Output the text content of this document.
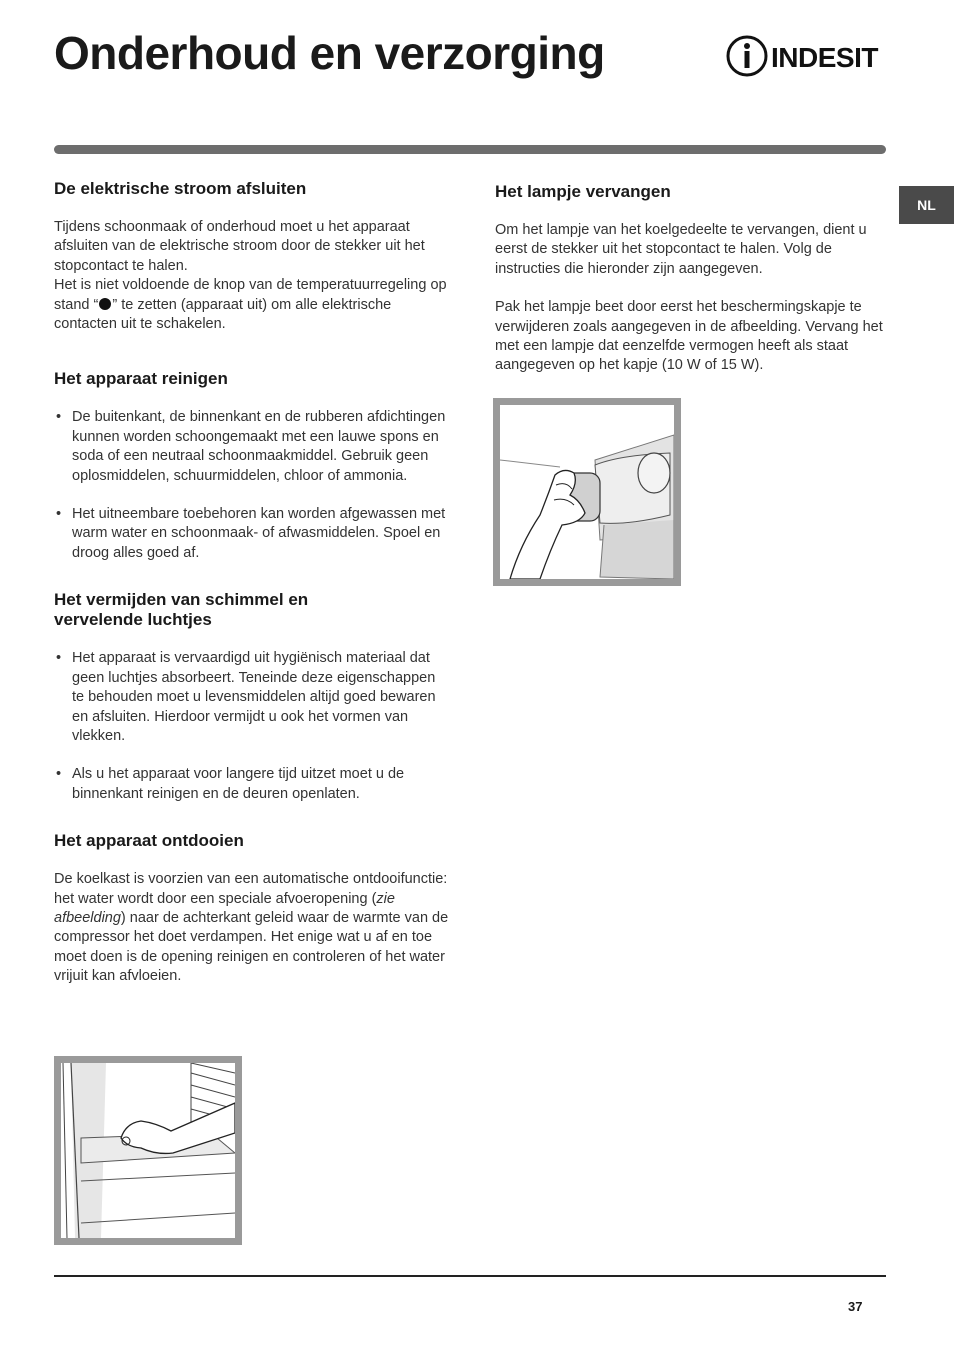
Onderhoud en verzorging	INDESIT
NL
De elektrische stroom afsluiten

Tijdens schoonmaak of onderhoud moet u het apparaat afsluiten van de elektrische stroom door de stekker uit het stopcontact te halen.
Het is niet voldoende de knop van de temperatuurregeling op stand “ ” te zetten (apparaat uit) om alle elektrische contacten uit te schakelen.

Het apparaat reinigen
• De buitenkant, de binnenkant en de rubberen afdichtingen kunnen worden schoongemaakt met een lauwe spons en soda of een neutraal schoonmaakmiddel. Gebruik geen oplosmiddelen, schuurmiddelen, chloor of ammonia.
• Het uitneembare toebehoren kan worden afgewassen met warm water en schoonmaak- of afwasmiddelen. Spoel en droog alles goed af.
Het vermijden van schimmel en
vervelende luchtjes
• Het apparaat is vervaardigd uit hygiënisch materiaal dat geen luchtjes absorbeert. Teneinde deze eigenschappen te behouden moet u levensmiddelen altijd goed bewaren en afsluiten. Hierdoor vermijdt u ook het vormen van vlekken.
• Als u het apparaat voor langere tijd uitzet moet u de binnenkant reinigen en de deuren openlaten.
Het apparaat ontdooien

De koelkast is voorzien van een automatische ontdooifunctie: het water wordt door een speciale afvoeropening (zie afbeelding) naar de achterkant geleid waar de warmte van de compressor het doet verdampen. Het enige wat u af en toe moet doen is de opening reinigen en controleren of het water vrijuit kan afvloeien.

Het lampje vervangen

Om het lampje van het koelgedeelte te vervangen, dient u eerst de stekker uit het stopcontact te halen. Volg de instructies die hieronder zijn aangegeven.

Pak het lampje beet door eerst het beschermingskapje te verwijderen zoals aangegeven in de afbeelding. Vervang het met een lampje dat eenzelfde vermogen heeft als staat aangegeven op het kapje (10 W of 15 W).

37
